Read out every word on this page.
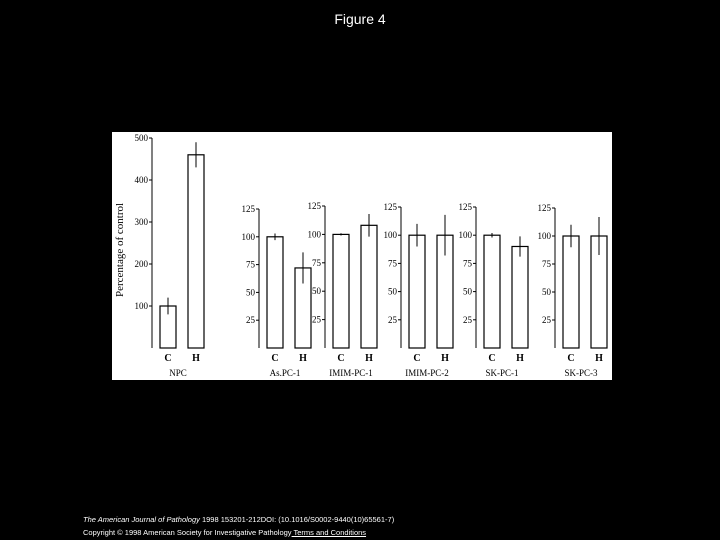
Figure 4
Percentage of control
100
200
300
400
500
C H
NPC
25
50
75
100
125
C H
As.PC-1
25
50
75
100
125
C H
IMIM-PC-1
25
50
75
100
125
C H
IMIM-PC-2
25
50
75
100
125
C H
SK-PC-1
25
50
75
100
125
C H
SK-PC-3
The American Journal of Pathology 1998 153201-212DOI: (10.1016/S0002-9440(10)65561-7)
Copyright © 1998 American Society for Investigative Pathology Terms and Conditions
